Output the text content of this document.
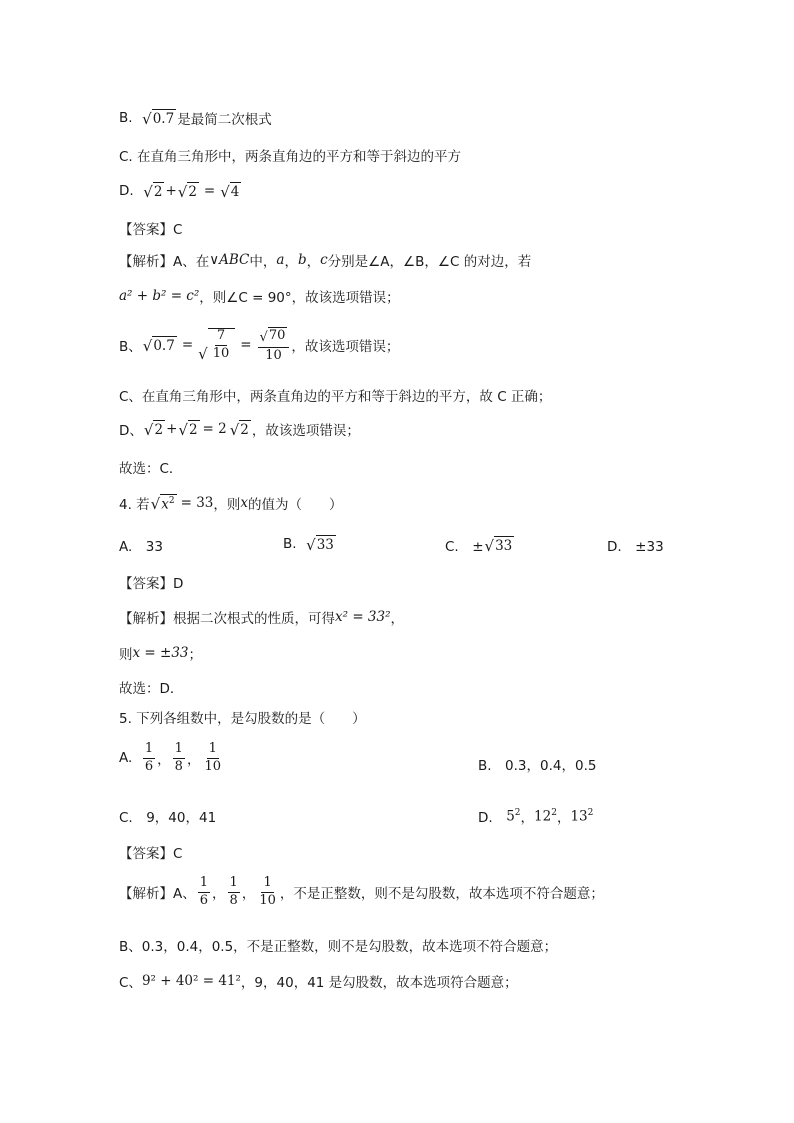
B.
√ 0.7 是最简二次根式
C. 在直角三角形中，两条直角边的平方和等于斜边的平方
D.
√ 2 + √ 2 = √ 4
【答案】C
【解析】A、在 ∨ABC 中， a ， b ， c 分别是∠A，∠B，∠C 的对边，若
a² + b² = c² ，则∠C = 90°，故该选项错误；
B、 √ 0.7 = √ $\frac{7}{10} = \frac{√ 70}{10}$ ，故该选项错误；
C、在直角三角形中，两条直角边的平方和等于斜边的平方，故 C 正确；
D、 √ 2 + √ 2 = 2 √ 2 ，故该选项错误；
故选：C．
4. 若 √ $x^2 = 33$ ，则 x 的值为（　　）
A.　33	B.
√ 33	C.　± √ 33	D.　±33
【答案】D
【解析】根据二次根式的性质，可得 x² = 33² ，
则 x = ±33 ；
故选：D．
5. 下列各组数中，是勾股数的是（　　）
A.
$\frac{1}{6}$ ， $\frac{1}{8}$ ， $\frac{1}{10}$	B.　0.3，0.4，0.5
C.　9，40，41	D.　 $5^2$ ， $12^2$ ， $13^2$
【答案】C
【解析】A、 $\frac{1}{6}$ ， $\frac{1}{8}$ ， $\frac{1}{10}$ ，不是正整数，则不是勾股数，故本选项不符合题意；
B、0.3，0.4，0.5，不是正整数，则不是勾股数，故本选项不符合题意；
C、 9² + 40² = 41² ，9，40，41 是勾股数，故本选项符合题意；
